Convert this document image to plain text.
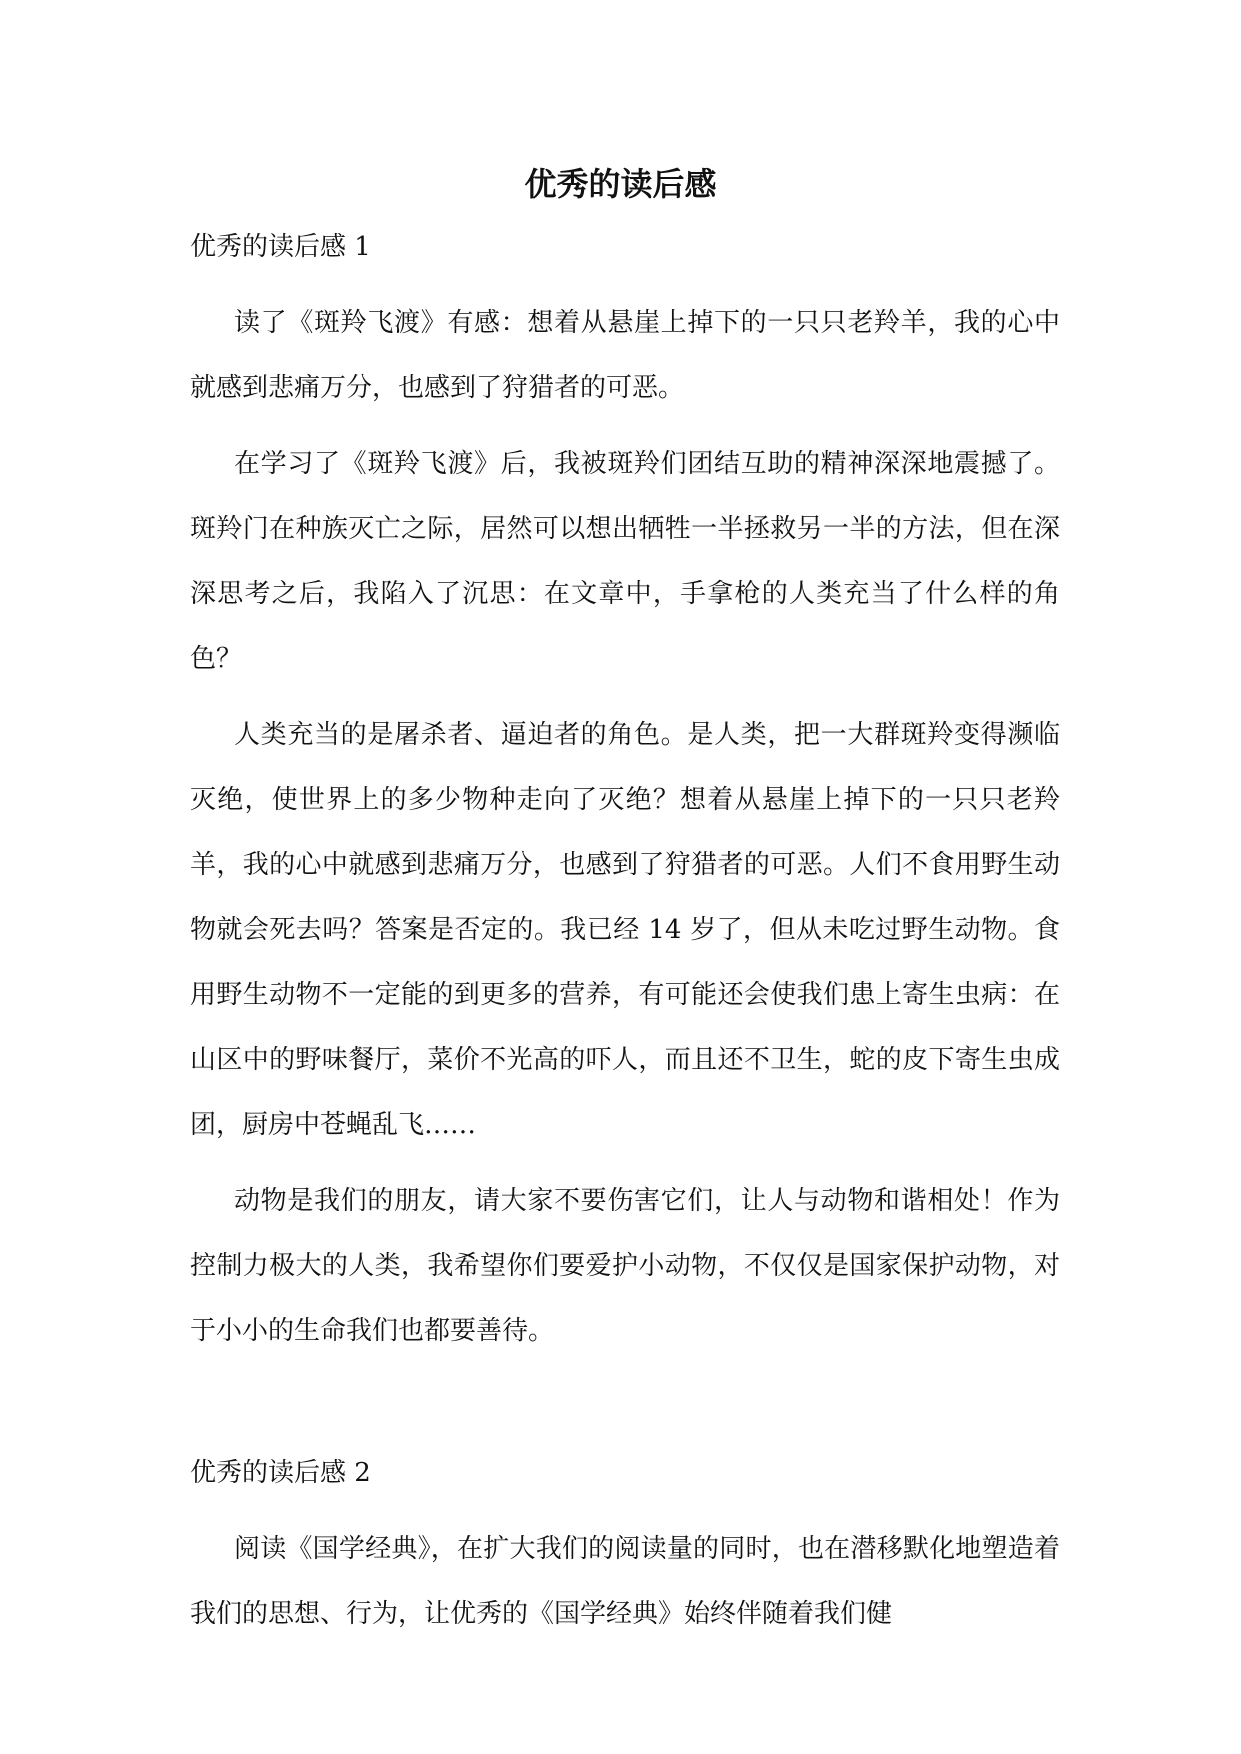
优秀的读后感

优秀的读后感 1

读了《斑羚飞渡》有感：想着从悬崖上掉下的一只只老羚羊，我的心中就感到悲痛万分，也感到了狩猎者的可恶。

在学习了《斑羚飞渡》后，我被斑羚们团结互助的精神深深地震撼了。斑羚门在种族灭亡之际，居然可以想出牺牲一半拯救另一半的方法，但在深深思考之后，我陷入了沉思：在文章中，手拿枪的人类充当了什么样的角色？

人类充当的是屠杀者、逼迫者的角色。是人类，把一大群斑羚变得濒临灭绝，使世界上的多少物种走向了灭绝？想着从悬崖上掉下的一只只老羚羊，我的心中就感到悲痛万分，也感到了狩猎者的可恶。人们不食用野生动物就会死去吗？答案是否定的。我已经 14 岁了，但从未吃过野生动物。食用野生动物不一定能的到更多的营养，有可能还会使我们患上寄生虫病：在山区中的野味餐厅，菜价不光高的吓人，而且还不卫生，蛇的皮下寄生虫成团，厨房中苍蝇乱飞……

动物是我们的朋友，请大家不要伤害它们，让人与动物和谐相处！作为控制力极大的人类，我希望你们要爱护小动物，不仅仅是国家保护动物，对于小小的生命我们也都要善待。

优秀的读后感 2

阅读《国学经典》，在扩大我们的阅读量的同时，也在潜移默化地塑造着我们的思想、行为，让优秀的《国学经典》始终伴随着我们健
